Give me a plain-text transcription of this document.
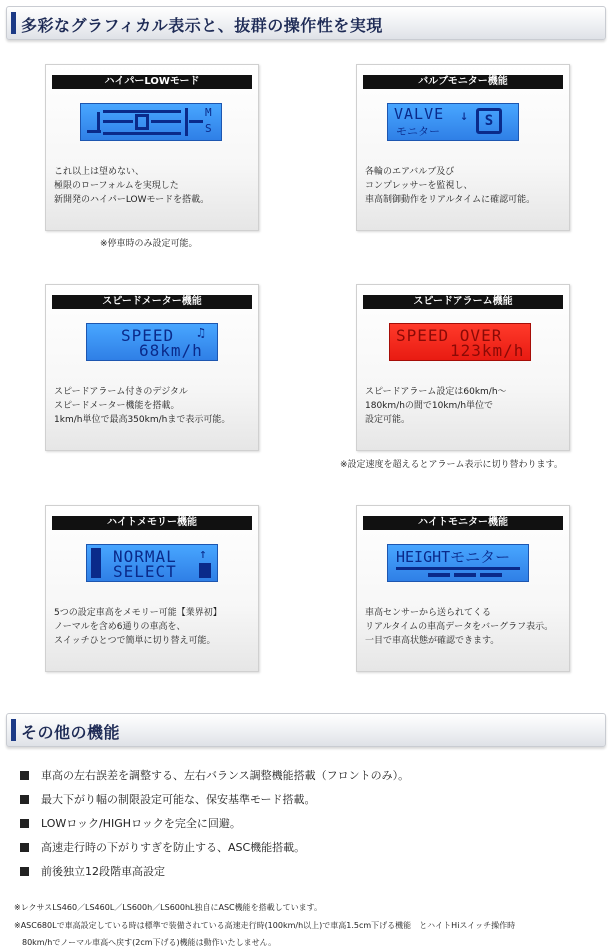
多彩なグラフィカル表示と、抜群の操作性を実現
ハイパーLOWモード
M S
これ以上は望めない、
極限のローフォルムを実現した
新開発のハイパーLOWモードを搭載。
※停車時のみ設定可能。
バルブモニター機能
VALVE
モニター
↓	S
各輪のエアバルブ及び
コンプレッサーを監視し、
車高制御動作をリアルタイムに確認可能。
スピードメーター機能
SPEED ♫
68km/h
スピードアラーム付きのデジタル
スピードメーター機能を搭載。
1km/h単位で最高350km/hまで表示可能。
スピードアラーム機能
SPEED OVER
123km/h
スピードアラーム設定は60km/h～
180km/hの間で10km/h単位で
設定可能。
※設定速度を超えるとアラーム表示に切り替わります。
ハイトメモリー機能
NORMAL
SELECT
↑
5つの設定車高をメモリー可能【業界初】
ノーマルを含め6通りの車高を、
スイッチひとつで簡単に切り替え可能。
ハイトモニター機能
HEIGHTモニター
車高センサーから送られてくる
リアルタイムの車高データをバーグラフ表示。
一目で車高状態が確認できます。
その他の機能
車高の左右誤差を調整する、左右バランス調整機能搭載（フロントのみ）。
最大下がり幅の制限設定可能な、保安基準モード搭載。
LOWロック/HIGHロックを完全に回避。
高速走行時の下がりすぎを防止する、ASC機能搭載。
前後独立12段階車高設定
※レクサスLS460／LS460L／LS600h／LS600hL独自にASC機能を搭載しています。
※ASC680Lで車高設定している時は標準で装備されている高速走行時(100km/h以上)で車高1.5cm下げる機能　とハイトHiスイッチ操作時
　80km/hでノーマル車高へ戻す(2cm下げる)機能は動作いたしません。
